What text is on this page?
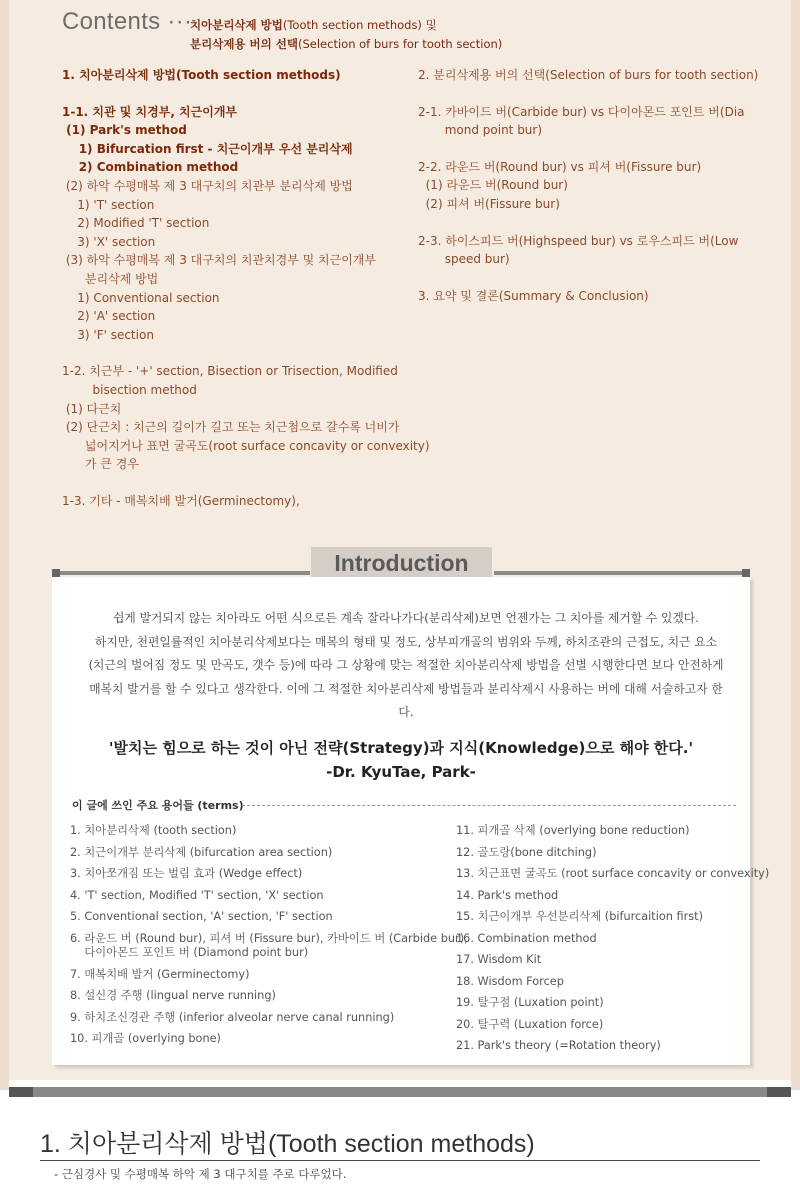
Contents ···
치아분리삭제 방법(Tooth section methods) 및
분리삭제용 버의 선택(Selection of burs for tooth section)
1. 치아분리삭제 방법(Tooth section methods)
1-1. 치관 및 치경부, 치근이개부
(1) Park's method
1) Bifurcation first - 치근이개부 우선 분리삭제
2) Combination method
(2) 하악 수평매복 제 3 대구치의 치관부 분리삭제 방법
1) 'T' section
2) Modified 'T' section
3) 'X' section
(3) 하악 수평매복 제 3 대구치의 치관치경부 및 치근이개부
분리삭제 방법
1) Conventional section
2) 'A' section
3) 'F' section
1-2. 치근부 - '+' section, Bisection or Trisection, Modified
bisection method
(1) 다근치
(2) 단근치 : 치근의 길이가 길고 또는 치근첨으로 갈수록 너비가
넓어지거나 표면 굴곡도(root surface concavity or convexity)
가 큰 경우
1-3. 기타 - 매복치배 발거(Germinectomy),
2. 분리삭제용 버의 선택(Selection of burs for tooth section)
2-1. 카바이드 버(Carbide bur) vs 다이아몬드 포인트 버(Dia
mond point bur)
2-2. 라운드 버(Round bur) vs 피셔 버(Fissure bur)
(1) 라운드 버(Round bur)
(2) 피셔 버(Fissure bur)
2-3. 하이스피드 버(Highspeed bur) vs 로우스피드 버(Low
speed bur)
3. 요약 및 결론(Summary & Conclusion)
Introduction
쉽게 발거되지 않는 치아라도 어떤 식으로든 계속 잘라나가다(분리삭제)보면 언젠가는 그 치아를 제거할 수 있겠다.
하지만, 천편일률적인 치아분리삭제보다는 매복의 형태 및 정도, 상부피개골의 범위와 두께, 하치조관의 근접도, 치근 요소
(치근의 벌어짐 정도 및 만곡도, 갯수 등)에 따라 그 상황에 맞는 적절한 치아분리삭제 방법을 선별 시행한다면 보다 안전하게
매복치 발거를 할 수 있다고 생각한다. 이에 그 적절한 치아분리삭제 방법들과 분리삭제시 사용하는 버에 대해 서술하고자 한다.
'발치는 힘으로 하는 것이 아닌 전략(Strategy)과 지식(Knowledge)으로 해야 한다.'
-Dr. KyuTae, Park-
이 글에 쓰인 주요 용어들 (terms)
1. 치아분리삭제 (tooth section)
2. 치근이개부 분리삭제 (bifurcation area section)
3. 치아쪼개짐 또는 벌림 효과 (Wedge effect)
4. 'T' section, Modified 'T' section, 'X' section
5. Conventional section, 'A' section, 'F' section
6. 라운드 버 (Round bur), 피셔 버 (Fissure bur), 카바이드 버 (Carbide bur),
다이아몬드 포인트 버 (Diamond point bur)
7. 매복치배 발거 (Germinectomy)
8. 설신경 주행 (lingual nerve running)
9. 하치조신경관 주행 (inferior alveolar nerve canal running)
10. 피개골 (overlying bone)
11. 피개골 삭제 (overlying bone reduction)
12. 골도랑(bone ditching)
13. 치근표면 굴곡도 (root surface concavity or convexity)
14. Park's method
15. 치근이개부 우선분리삭제 (bifurcaition first)
16. Combination method
17. Wisdom Kit
18. Wisdom Forcep
19. 탈구점 (Luxation point)
20. 탈구력 (Luxation force)
21. Park's theory (=Rotation theory)
1. 치아분리삭제 방법(Tooth section methods)
- 근심경사 및 수평매복 하악 제 3 대구치를 주로 다루었다.
